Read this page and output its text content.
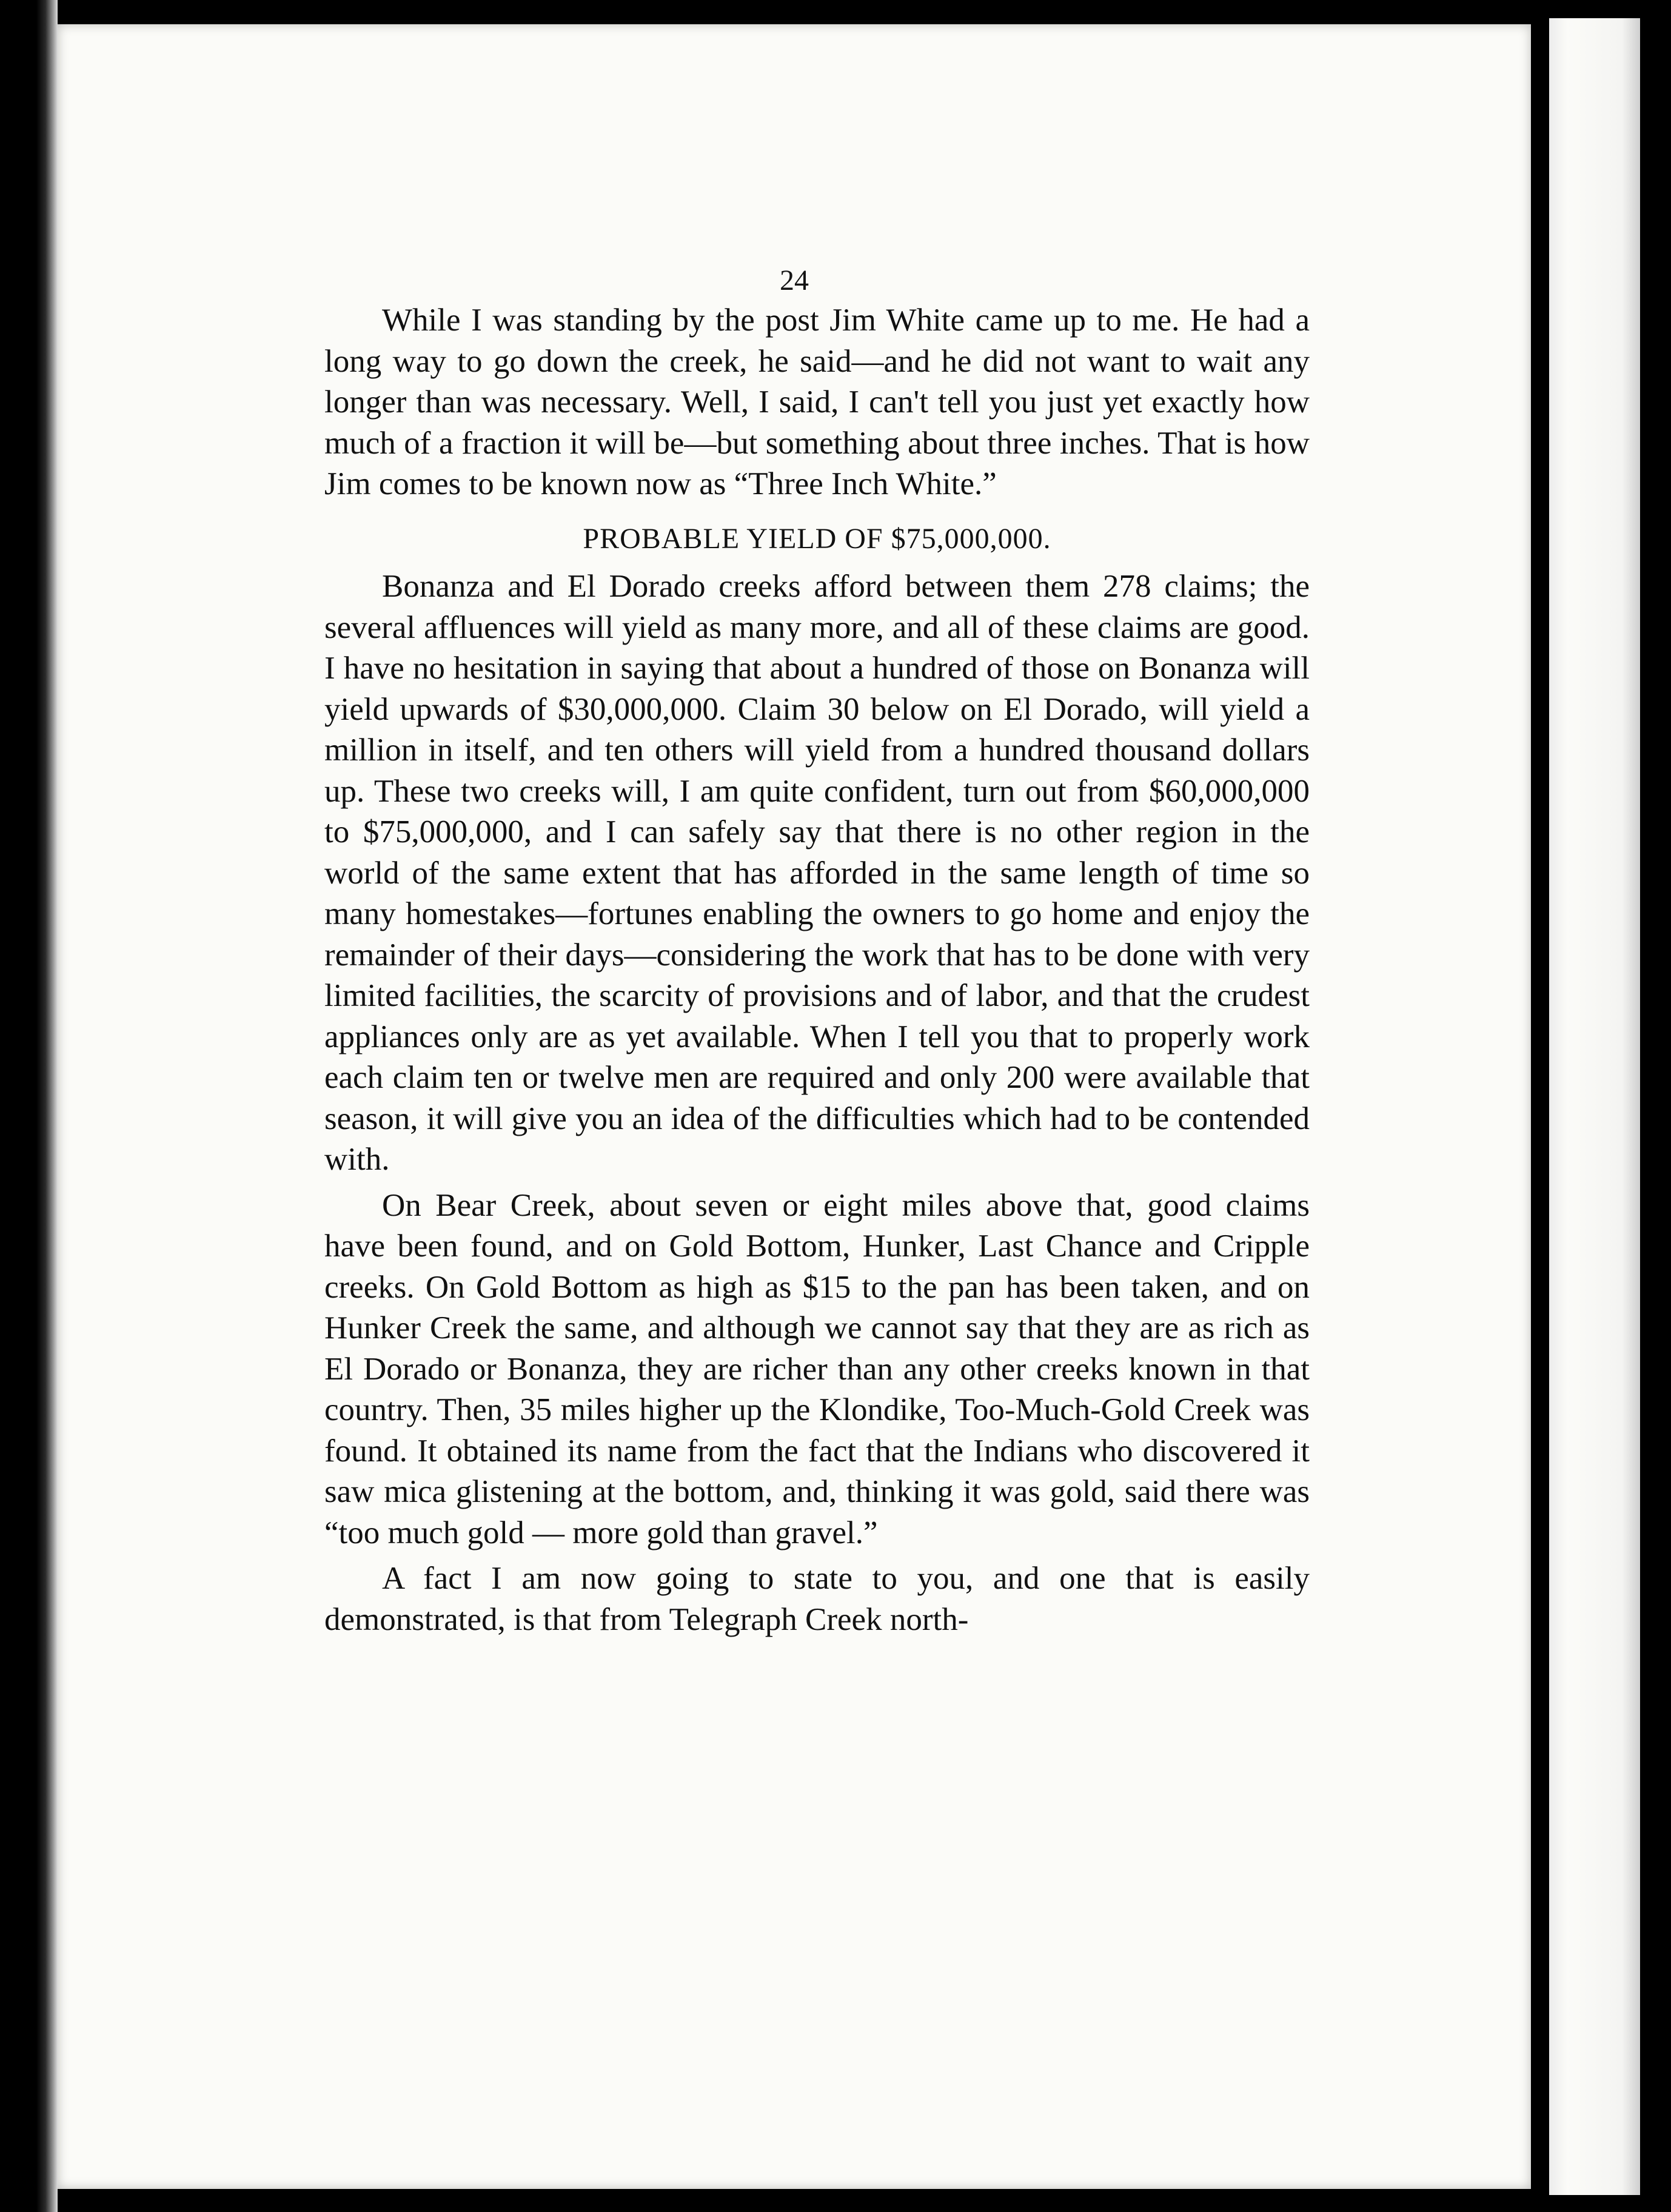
24

While I was standing by the post Jim White came up to me. He had a long way to go down the creek, he said—and he did not want to wait any longer than was necessary. Well, I said, I can't tell you just yet exactly how much of a fraction it will be—but something about three inches. That is how Jim comes to be known now as “Three Inch White.”

PROBABLE YIELD OF $75,000,000.

Bonanza and El Dorado creeks afford between them 278 claims; the several affluences will yield as many more, and all of these claims are good. I have no hesitation in saying that about a hundred of those on Bonanza will yield upwards of $30,000,000. Claim 30 below on El Dorado, will yield a million in itself, and ten others will yield from a hundred thousand dollars up. These two creeks will, I am quite confident, turn out from $60,000,000 to $75,000,000, and I can safely say that there is no other region in the world of the same extent that has afforded in the same length of time so many homestakes—fortunes enabling the owners to go home and enjoy the remainder of their days—considering the work that has to be done with very limited facilities, the scarcity of provisions and of labor, and that the crudest appliances only are as yet available. When I tell you that to properly work each claim ten or twelve men are required and only 200 were available that season, it will give you an idea of the difficulties which had to be contended with.

On Bear Creek, about seven or eight miles above that, good claims have been found, and on Gold Bottom, Hunker, Last Chance and Cripple creeks. On Gold Bottom as high as $15 to the pan has been taken, and on Hunker Creek the same, and although we cannot say that they are as rich as El Dorado or Bonanza, they are richer than any other creeks known in that country. Then, 35 miles higher up the Klondike, Too-Much-Gold Creek was found. It obtained its name from the fact that the Indians who discovered it saw mica glistening at the bottom, and, thinking it was gold, said there was “too much gold — more gold than gravel.”

A fact I am now going to state to you, and one that is easily demonstrated, is that from Telegraph Creek north-
